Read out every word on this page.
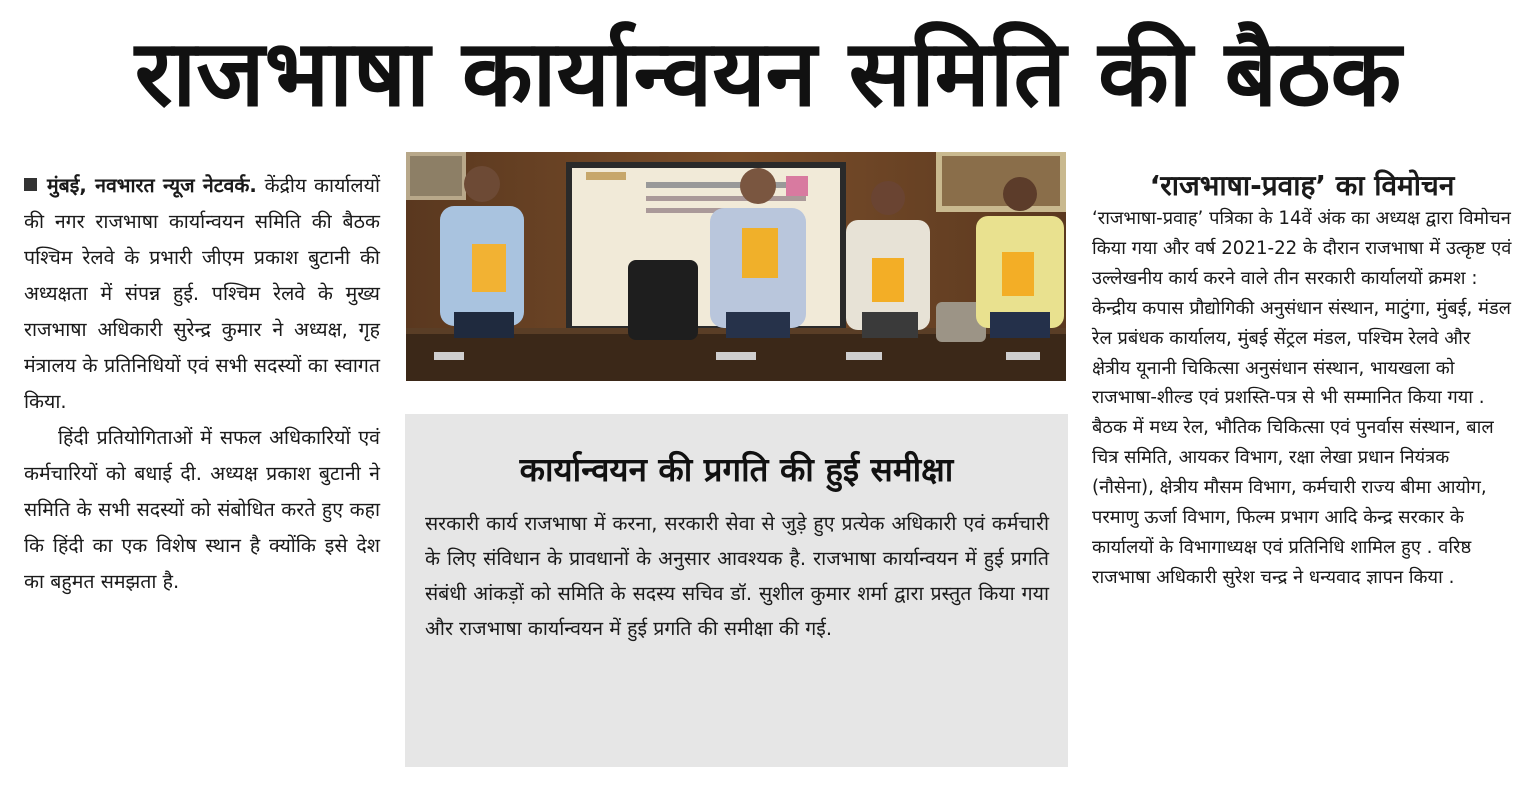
राजभाषा कार्यान्वयन समिति की बैठक

मुंबई, नवभारत न्यूज नेटवर्क. केंद्रीय कार्यालयों की नगर राजभाषा कार्यान्वयन समिति की बैठक पश्चिम रेलवे के प्रभारी जीएम प्रकाश बुटानी की अध्यक्षता में संपन्न हुई. पश्चिम रेलवे के मुख्य राजभाषा अधिकारी सुरेन्द्र कुमार ने अध्यक्ष, गृह मंत्रालय के प्रतिनिधियों एवं सभी सदस्यों का स्वागत किया.

हिंदी प्रतियोगिताओं में सफल अधिकारियों एवं कर्मचारियों को बधाई दी. अध्यक्ष प्रकाश बुटानी ने समिति के सभी सदस्यों को संबोधित करते हुए कहा कि हिंदी का एक विशेष स्थान है क्योंकि इसे देश का बहुमत समझता है.

कार्यान्वयन की प्रगति की हुई समीक्षा
सरकारी कार्य राजभाषा में करना, सरकारी सेवा से जुड़े हुए प्रत्येक अधिकारी एवं कर्मचारी के लिए संविधान के प्रावधानों के अनुसार आवश्यक है. राजभाषा कार्यान्वयन में हुई प्रगति संबंधी आंकड़ों को समिति के सदस्य सचिव डॉ. सुशील कुमार शर्मा द्वारा प्रस्तुत किया गया और राजभाषा कार्यान्वयन में हुई प्रगति की समीक्षा की गई.
‘राजभाषा-प्रवाह’ का विमोचन

‘राजभाषा-प्रवाह’ पत्रिका के 14वें अंक का अध्यक्ष द्वारा विमोचन किया गया और वर्ष 2021-22 के दौरान राजभाषा में उत्कृष्ट एवं उल्लेखनीय कार्य करने वाले तीन सरकारी कार्यालयों क्रमश : केन्द्रीय कपास प्रौद्योगिकी अनुसंधान संस्थान, माटुंगा, मुंबई, मंडल रेल प्रबंधक कार्यालय, मुंबई सेंट्रल मंडल, पश्चिम रेलवे और क्षेत्रीय यूनानी चिकित्सा अनुसंधान संस्थान, भायखला को राजभाषा-शील्ड एवं प्रशस्ति-पत्र से भी सम्मानित किया गया . बैठक में मध्य रेल, भौतिक चिकित्सा एवं पुनर्वास संस्थान, बाल चित्र समिति, आयकर विभाग, रक्षा लेखा प्रधान नियंत्रक (नौसेना), क्षेत्रीय मौसम विभाग, कर्मचारी राज्य बीमा आयोग, परमाणु ऊर्जा विभाग, फिल्म प्रभाग आदि केन्द्र सरकार के कार्यालयों के विभागाध्यक्ष एवं प्रतिनिधि शामिल हुए . वरिष्ठ राजभाषा अधिकारी सुरेश चन्द्र ने धन्यवाद ज्ञापन किया .
